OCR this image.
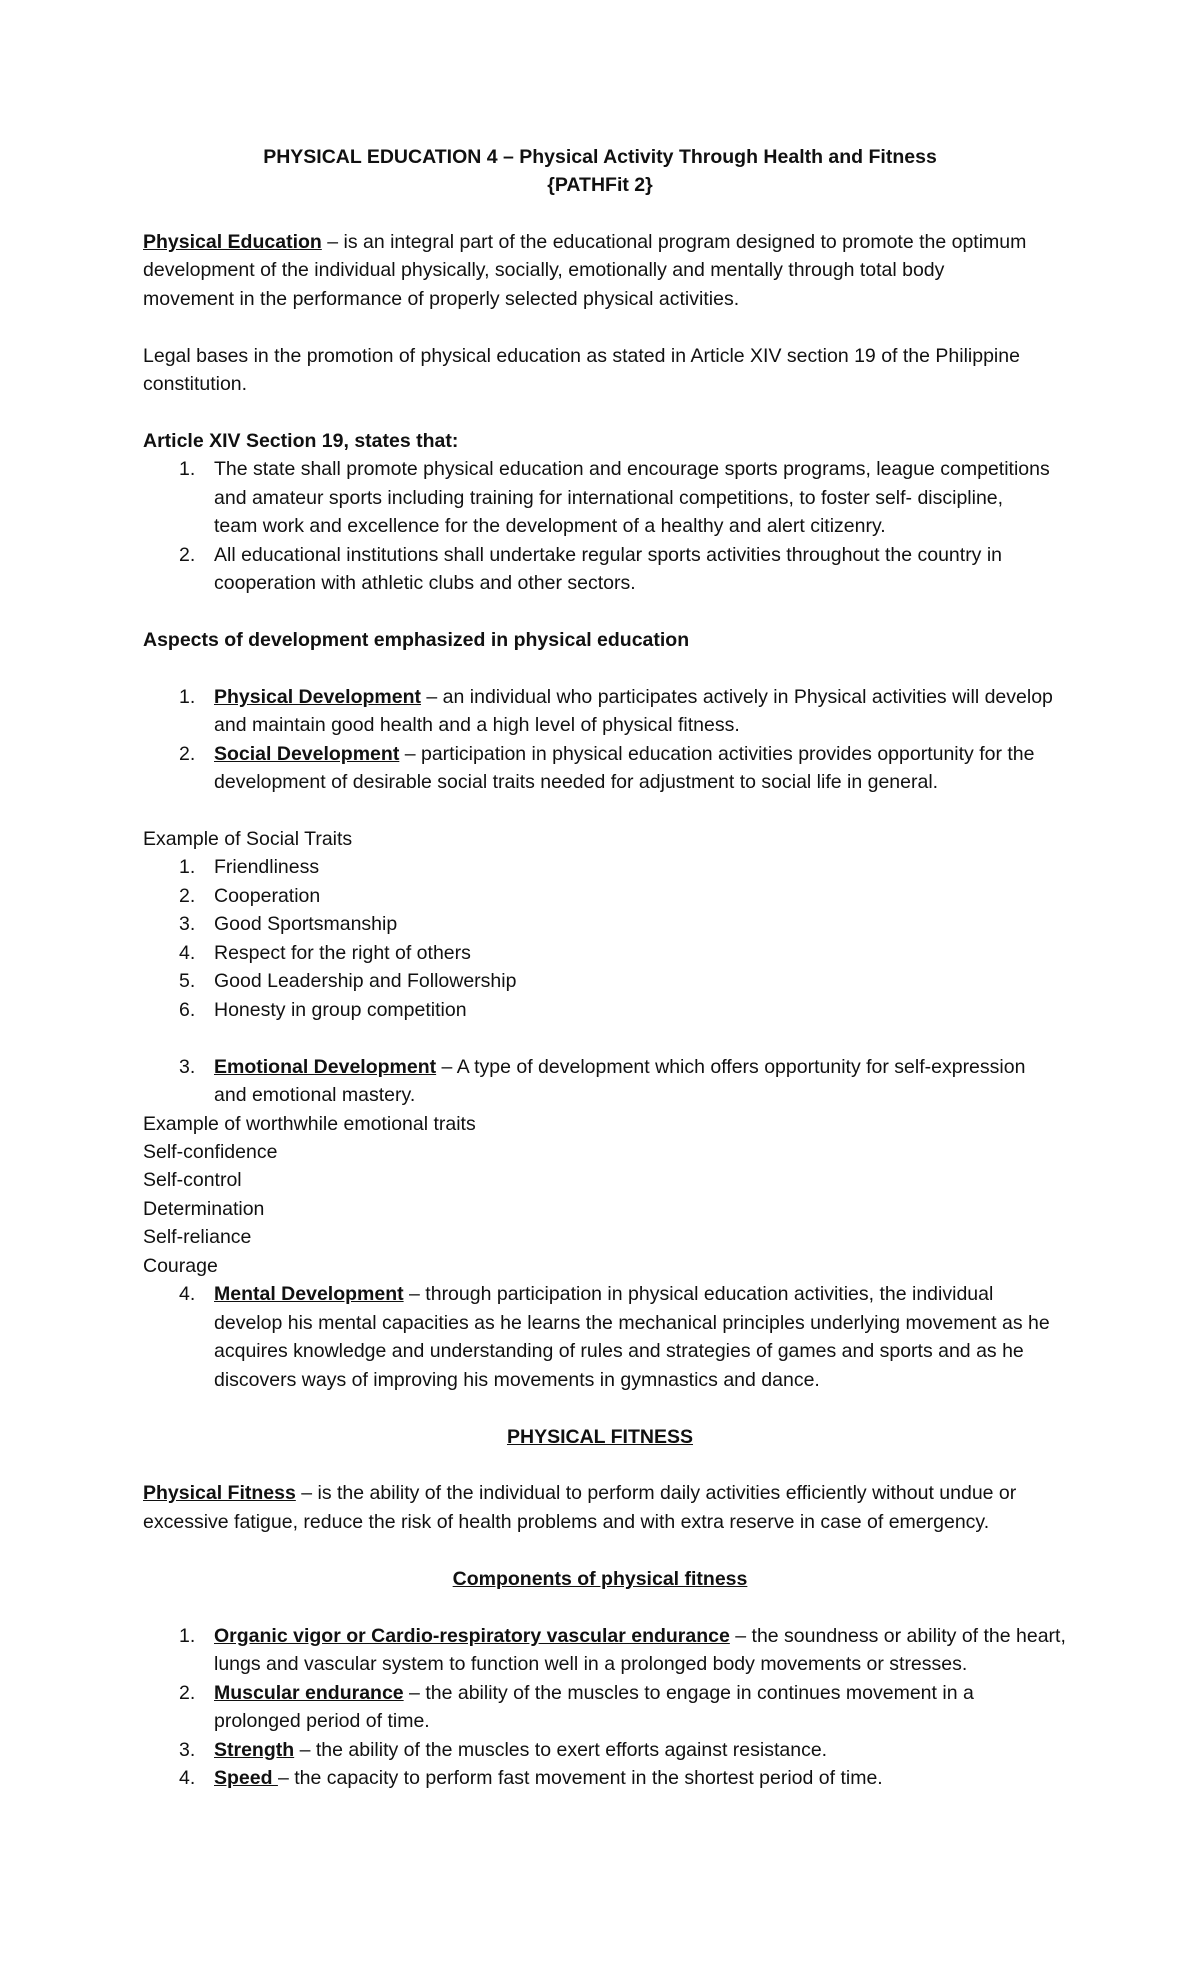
PHYSICAL EDUCATION 4 – Physical Activity Through Health and Fitness

{PATHFit 2}

Physical Education – is an integral part of the educational program designed to promote the optimum

development of the individual physically, socially, emotionally and mentally through total body

movement in the performance of properly selected physical activities.

Legal bases in the promotion of physical education as stated in Article XIV section 19 of the Philippine

constitution.

Article XIV Section 19, states that:

1. The state shall promote physical education and encourage sports programs, league competitions

and amateur sports including training for international competitions, to foster self- discipline,

team work and excellence for the development of a healthy and alert citizenry.

2. All educational institutions shall undertake regular sports activities throughout the country in

cooperation with athletic clubs and other sectors.

Aspects of development emphasized in physical education

1. Physical Development – an individual who participates actively in Physical activities will develop

and maintain good health and a high level of physical fitness.

2. Social Development – participation in physical education activities provides opportunity for the

development of desirable social traits needed for adjustment to social life in general.

Example of Social Traits

1. Friendliness

2. Cooperation

3. Good Sportsmanship

4. Respect for the right of others

5. Good Leadership and Followership

6. Honesty in group competition

3. Emotional Development – A type of development which offers opportunity for self-expression

and emotional mastery.

Example of worthwhile emotional traits

Self-confidence

Self-control

Determination

Self-reliance

Courage

4. Mental Development – through participation in physical education activities, the individual

develop his mental capacities as he learns the mechanical principles underlying movement as he

acquires knowledge and understanding of rules and strategies of games and sports and as he

discovers ways of improving his movements in gymnastics and dance.

PHYSICAL FITNESS

Physical Fitness – is the ability of the individual to perform daily activities efficiently without undue or

excessive fatigue, reduce the risk of health problems and with extra reserve in case of emergency.

Components of physical fitness

1. Organic vigor or Cardio-respiratory vascular endurance – the soundness or ability of the heart,

lungs and vascular system to function well in a prolonged body movements or stresses.

2. Muscular endurance – the ability of the muscles to engage in continues movement in a

prolonged period of time.

3. Strength – the ability of the muscles to exert efforts against resistance.

4. Speed – the capacity to perform fast movement in the shortest period of time.
